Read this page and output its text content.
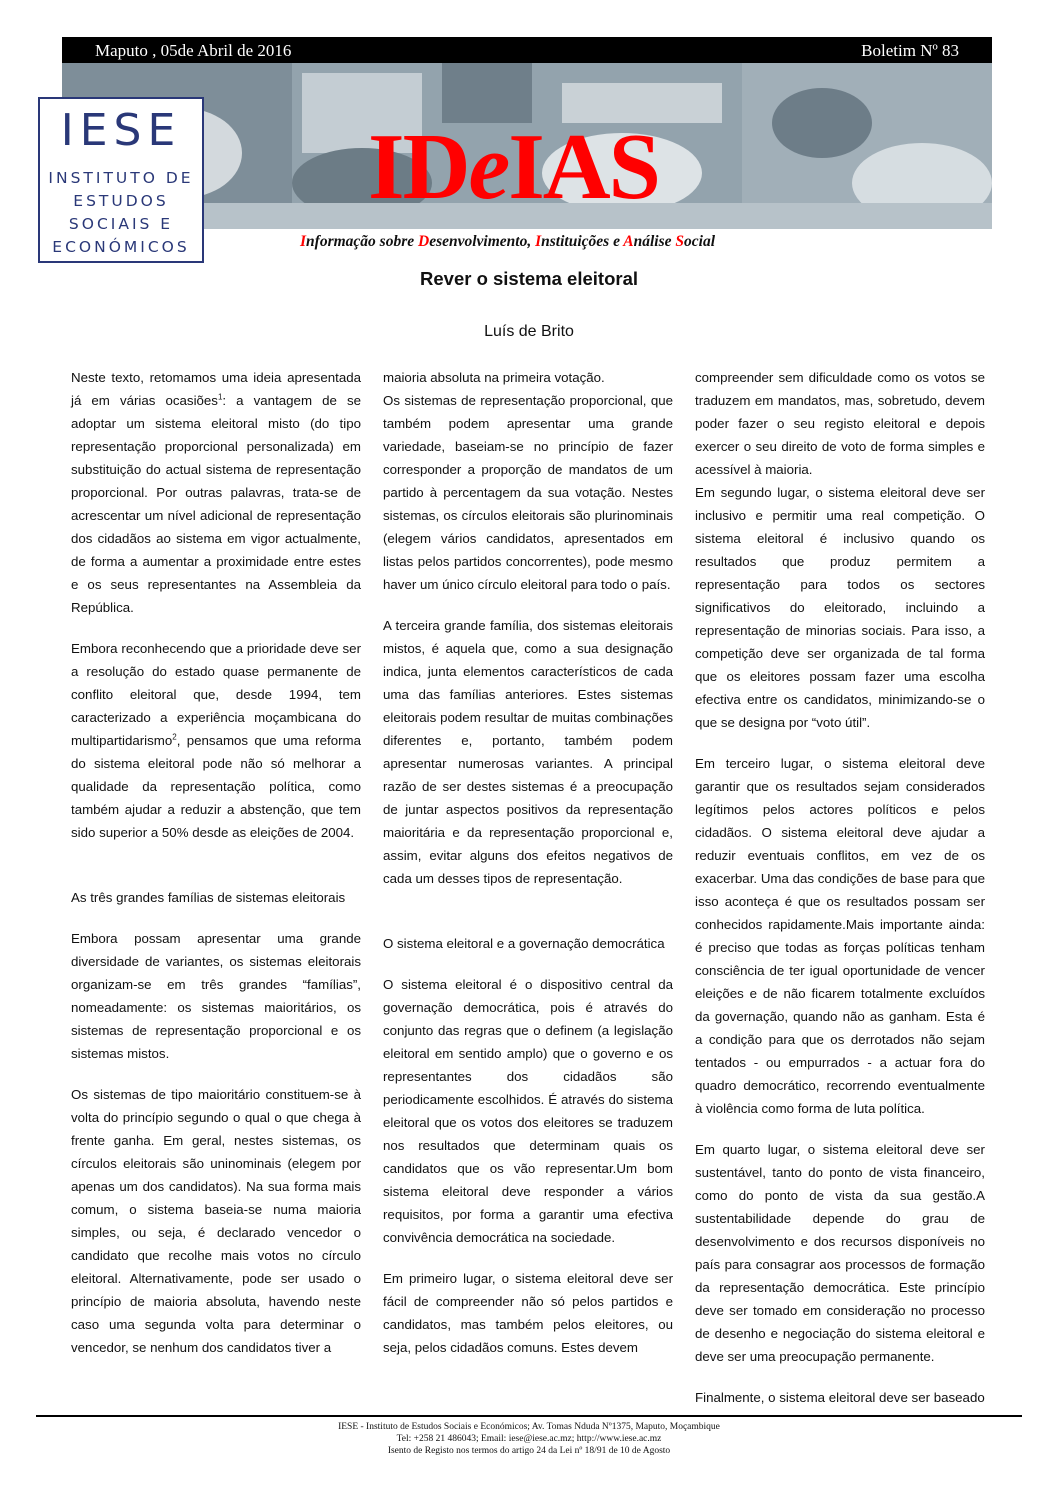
Maputo , 05de Abril de 2016	Boletim Nº 83
IESE
INSTITUTO DE
ESTUDOS
SOCIAIS E
ECONÓMICOS
IDeIAS
Informação sobre Desenvolvimento, Instituições e Análise Social
Rever o sistema eleitoral
Luís de Brito

Neste texto, retomamos uma ideia apresentada já em várias ocasiões$^1$: a vantagem de se adoptar um sistema eleitoral misto (do tipo representação proporcional personalizada) em substituição do actual sistema de representação proporcional. Por outras palavras, trata-se de acrescentar um nível adicional de representação dos cidadãos ao sistema em vigor actualmente, de forma a aumentar a proximidade entre estes e os seus representantes na Assembleia da República.

Embora reconhecendo que a prioridade deve ser a resolução do estado quase permanente de conflito eleitoral que, desde 1994, tem caracterizado a experiência moçambicana do multipartidarismo$^2$, pensamos que uma reforma do sistema eleitoral pode não só melhorar a qualidade da representação política, como também ajudar a reduzir a abstenção, que tem sido superior a 50% desde as eleições de 2004.

As três grandes famílias de sistemas eleitorais

Embora possam apresentar uma grande diversidade de variantes, os sistemas eleitorais organizam-se em três grandes “famílias”, nomeadamente: os sistemas maioritários, os sistemas de representação proporcional e os sistemas mistos.

Os sistemas de tipo maioritário constituem-se à volta do princípio segundo o qual o que chega à frente ganha. Em geral, nestes sistemas, os círculos eleitorais são uninominais (elegem por apenas um dos candidatos). Na sua forma mais comum, o sistema baseia-se numa maioria simples, ou seja, é declarado vencedor o candidato que recolhe mais votos no círculo eleitoral. Alternativamente, pode ser usado o princípio de maioria absoluta, havendo neste caso uma segunda volta para determinar o vencedor, se nenhum dos candidatos tiver a

maioria absoluta na primeira votação.

Os sistemas de representação proporcional, que também podem apresentar uma grande variedade, baseiam-se no princípio de fazer corresponder a proporção de mandatos de um partido à percentagem da sua votação. Nestes sistemas, os círculos eleitorais são plurinominais (elegem vários candidatos, apresentados em listas pelos partidos concorrentes), pode mesmo haver um único círculo eleitoral para todo o país.

A terceira grande família, dos sistemas eleitorais mistos, é aquela que, como a sua designação indica, junta elementos característicos de cada uma das famílias anteriores. Estes sistemas eleitorais podem resultar de muitas combinações diferentes e, portanto, também podem apresentar numerosas variantes. A principal razão de ser destes sistemas é a preocupação de juntar aspectos positivos da representação maioritária e da representação proporcional e, assim, evitar alguns dos efeitos negativos de cada um desses tipos de representação.

O sistema eleitoral e a governação democrática

O sistema eleitoral é o dispositivo central da governação democrática, pois é através do conjunto das regras que o definem (a legislação eleitoral em sentido amplo) que o governo e os representantes dos cidadãos são periodicamente escolhidos. É através do sistema eleitoral que os votos dos eleitores se traduzem nos resultados que determinam quais os candidatos que os vão representar.Um bom sistema eleitoral deve responder a vários requisitos, por forma a garantir uma efectiva convivência democrática na sociedade.

Em primeiro lugar, o sistema eleitoral deve ser fácil de compreender não só pelos partidos e candidatos, mas também pelos eleitores, ou seja, pelos cidadãos comuns. Estes devem

compreender sem dificuldade como os votos se traduzem em mandatos, mas, sobretudo, devem poder fazer o seu registo eleitoral e depois exercer o seu direito de voto de forma simples e acessível à maioria.

Em segundo lugar, o sistema eleitoral deve ser inclusivo e permitir uma real competição. O sistema eleitoral é inclusivo quando os resultados que produz permitem a representação para todos os sectores significativos do eleitorado, incluindo a representação de minorias sociais. Para isso, a competição deve ser organizada de tal forma que os eleitores possam fazer uma escolha efectiva entre os candidatos, minimizando-se o que se designa por “voto útil”.

Em terceiro lugar, o sistema eleitoral deve garantir que os resultados sejam considerados legítimos pelos actores políticos e pelos cidadãos. O sistema eleitoral deve ajudar a reduzir eventuais conflitos, em vez de os exacerbar. Uma das condições de base para que isso aconteça é que os resultados possam ser conhecidos rapidamente.Mais importante ainda: é preciso que todas as forças políticas tenham consciência de ter igual oportunidade de vencer eleições e de não ficarem totalmente excluídos da governação, quando não as ganham. Esta é a condição para que os derrotados não sejam tentados - ou empurrados - a actuar fora do quadro democrático, recorrendo eventualmente à violência como forma de luta política.

Em quarto lugar, o sistema eleitoral deve ser sustentável, tanto do ponto de vista financeiro, como do ponto de vista da sua gestão.A sustentabilidade depende do grau de desenvolvimento e dos recursos disponíveis no país para consagrar aos processos de formação da representação democrática. Este princípio deve ser tomado em consideração no processo de desenho e negociação do sistema eleitoral e deve ser uma preocupação permanente.

Finalmente, o sistema eleitoral deve ser baseado

IESE - Instituto de Estudos Sociais e Económicos; Av. Tomas Nduda Nº1375, Maputo, Moçambique
Tel: +258 21 486043; Email: iese@iese.ac.mz; http://www.iese.ac.mz
Isento de Registo nos termos do artigo 24 da Lei nº 18/91 de 10 de Agosto
